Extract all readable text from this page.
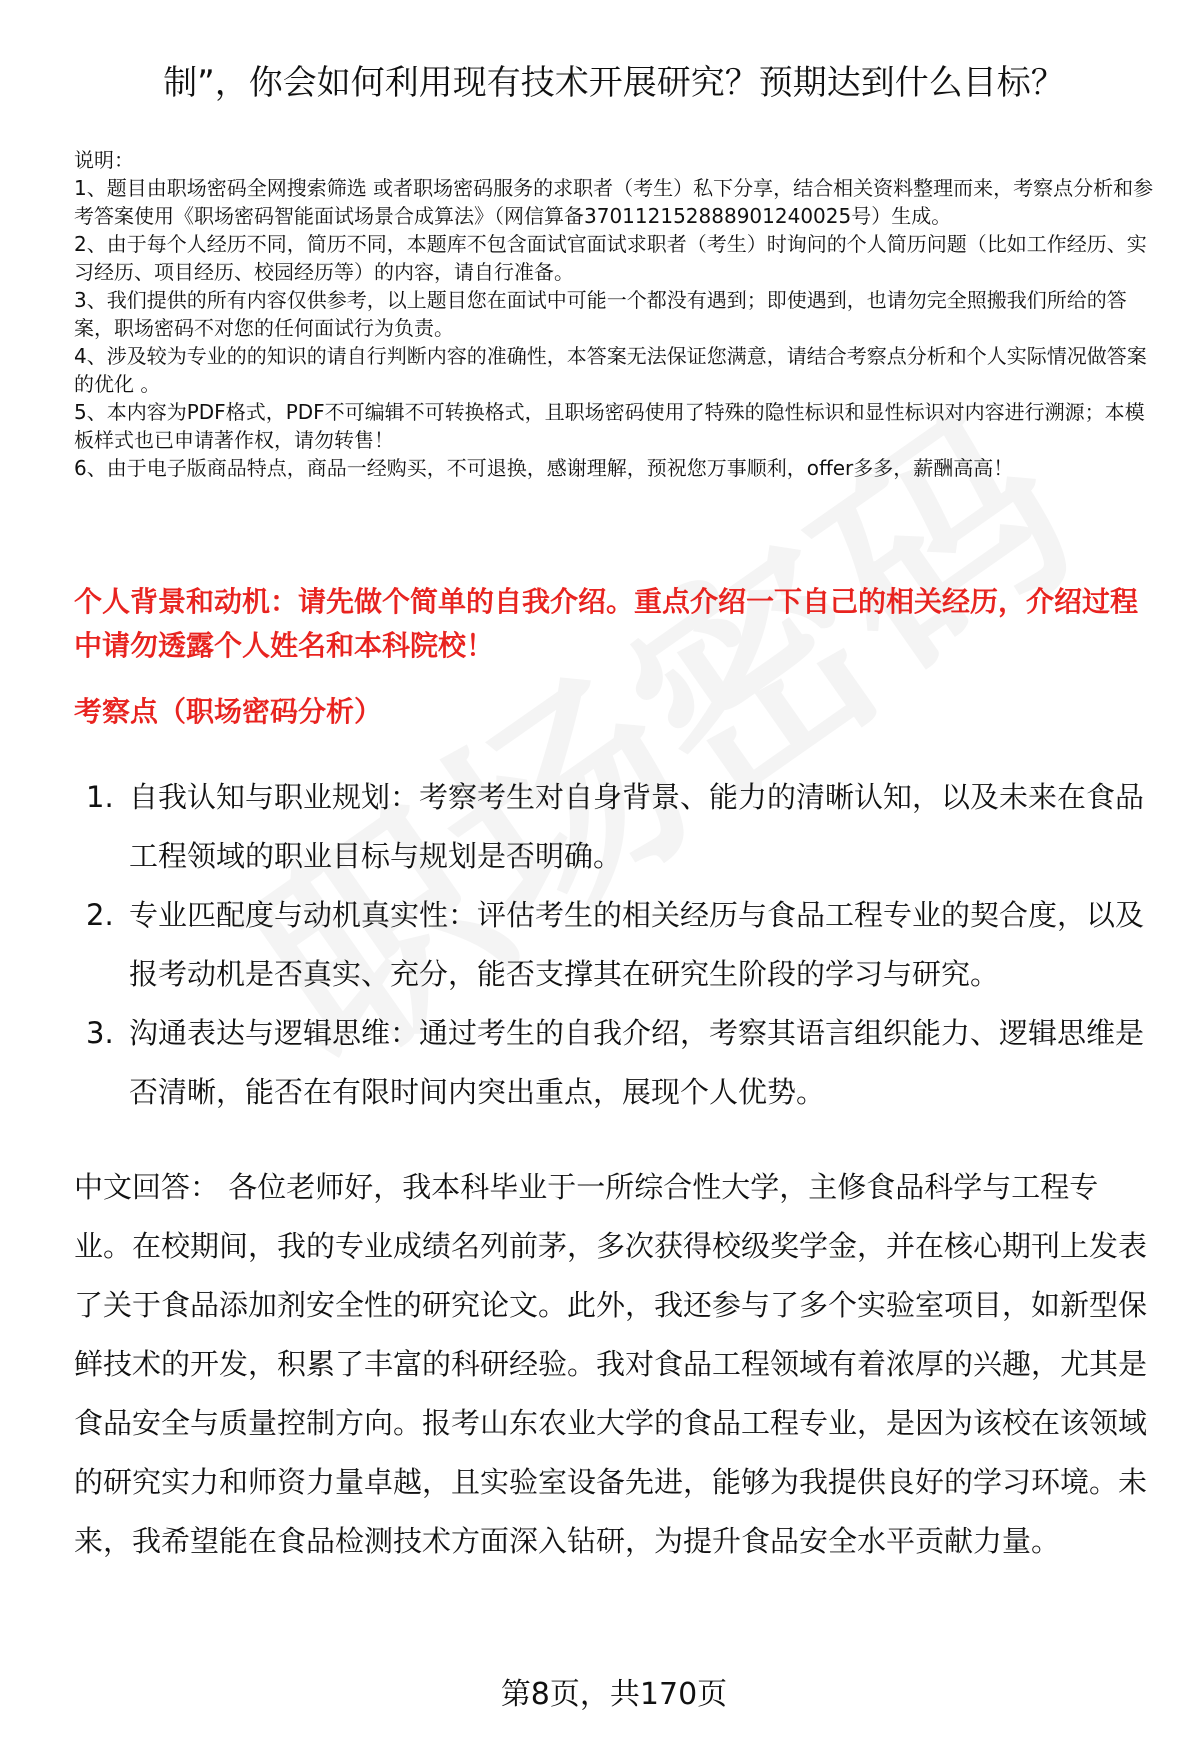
制”，你会如何利用现有技术开展研究？预期达到什么目标？

说明：

1、题目由职场密码全网搜索筛选 或者职场密码服务的求职者（考生）私下分享，结合相关资料整理而来，考察点分析和参考答案使用《职场密码智能面试场景合成算法》（网信算备370112152888901240025号）生成。

2、由于每个人经历不同，简历不同，本题库不包含面试官面试求职者（考生）时询问的个人简历问题（比如工作经历、实习经历、项目经历、校园经历等）的内容，请自行准备。

3、我们提供的所有内容仅供参考，以上题目您在面试中可能一个都没有遇到；即使遇到，也请勿完全照搬我们所给的答案，职场密码不对您的任何面试行为负责。

4、涉及较为专业的的知识的请自行判断内容的准确性，本答案无法保证您满意，请结合考察点分析和个人实际情况做答案的优化 。

5、本内容为PDF格式，PDF不可编辑不可转换格式，且职场密码使用了特殊的隐性标识和显性标识对内容进行溯源；本模板样式也已申请著作权，请勿转售！

6、由于电子版商品特点，商品一经购买，不可退换，感谢理解，预祝您万事顺利，offer多多，薪酬高高！

个人背景和动机：请先做个简单的自我介绍。重点介绍一下自己的相关经历，介绍过程中请勿透露个人姓名和本科院校！
考察点（职场密码分析）
1. 自我认知与职业规划：考察考生对自身背景、能力的清晰认知，以及未来在食品工程领域的职业目标与规划是否明确。
2. 专业匹配度与动机真实性：评估考生的相关经历与食品工程专业的契合度，以及报考动机是否真实、充分，能否支撑其在研究生阶段的学习与研究。
3. 沟通表达与逻辑思维：通过考生的自我介绍，考察其语言组织能力、逻辑思维是否清晰，能否在有限时间内突出重点，展现个人优势。

中文回答： 各位老师好，我本科毕业于一所综合性大学，主修食品科学与工程专业。在校期间，我的专业成绩名列前茅，多次获得校级奖学金，并在核心期刊上发表了关于食品添加剂安全性的研究论文。此外，我还参与了多个实验室项目，如新型保鲜技术的开发，积累了丰富的科研经验。我对食品工程领域有着浓厚的兴趣，尤其是食品安全与质量控制方向。报考山东农业大学的食品工程专业，是因为该校在该领域的研究实力和师资力量卓越，且实验室设备先进，能够为我提供良好的学习环境。未来，我希望能在食品检测技术方面深入钻研，为提升食品安全水平贡献力量。

第8页，共170页
